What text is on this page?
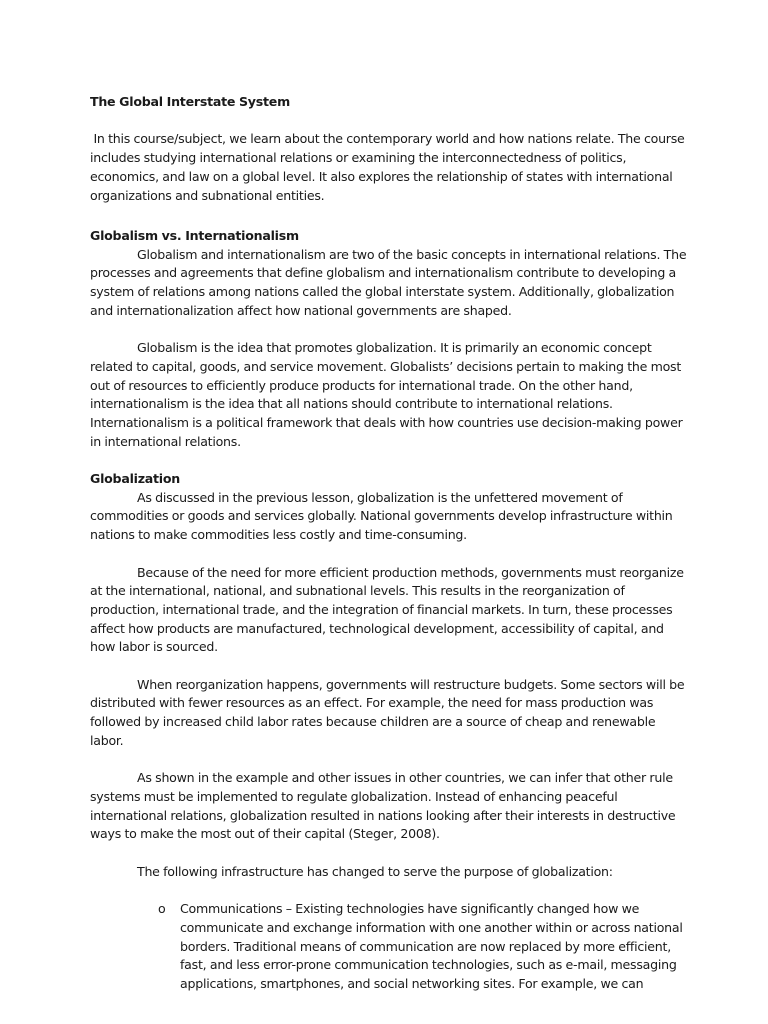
The Global Interstate System

In this course/subject, we learn about the contemporary world and how nations relate. The course includes studying international relations or examining the interconnectedness of politics, economics, and law on a global level. It also explores the relationship of states with international organizations and subnational entities.

Globalism vs. Internationalism

Globalism and internationalism are two of the basic concepts in international relations. The processes and agreements that define globalism and internationalism contribute to developing a system of relations among nations called the global interstate system. Additionally, globalization and internationalization affect how national governments are shaped.

Globalism is the idea that promotes globalization. It is primarily an economic concept related to capital, goods, and service movement. Globalists’ decisions pertain to making the most out of resources to efficiently produce products for international trade. On the other hand, internationalism is the idea that all nations should contribute to international relations. Internationalism is a political framework that deals with how countries use decision-making power in international relations.

Globalization

As discussed in the previous lesson, globalization is the unfettered movement of commodities or goods and services globally. National governments develop infrastructure within nations to make commodities less costly and time-consuming.

Because of the need for more efficient production methods, governments must reorganize at the international, national, and subnational levels. This results in the reorganization of production, international trade, and the integration of financial markets. In turn, these processes affect how products are manufactured, technological development, accessibility of capital, and how labor is sourced.

When reorganization happens, governments will restructure budgets. Some sectors will be distributed with fewer resources as an effect. For example, the need for mass production was followed by increased child labor rates because children are a source of cheap and renewable labor.

As shown in the example and other issues in other countries, we can infer that other rule systems must be implemented to regulate globalization. Instead of enhancing peaceful international relations, globalization resulted in nations looking after their interests in destructive ways to make the most out of their capital (Steger, 2008).

The following infrastructure has changed to serve the purpose of globalization:

o Communications – Existing technologies have significantly changed how we communicate and exchange information with one another within or across national borders. Traditional means of communication are now replaced by more efficient, fast, and less error-prone communication technologies, such as e-mail, messaging applications, smartphones, and social networking sites. For example, we can
